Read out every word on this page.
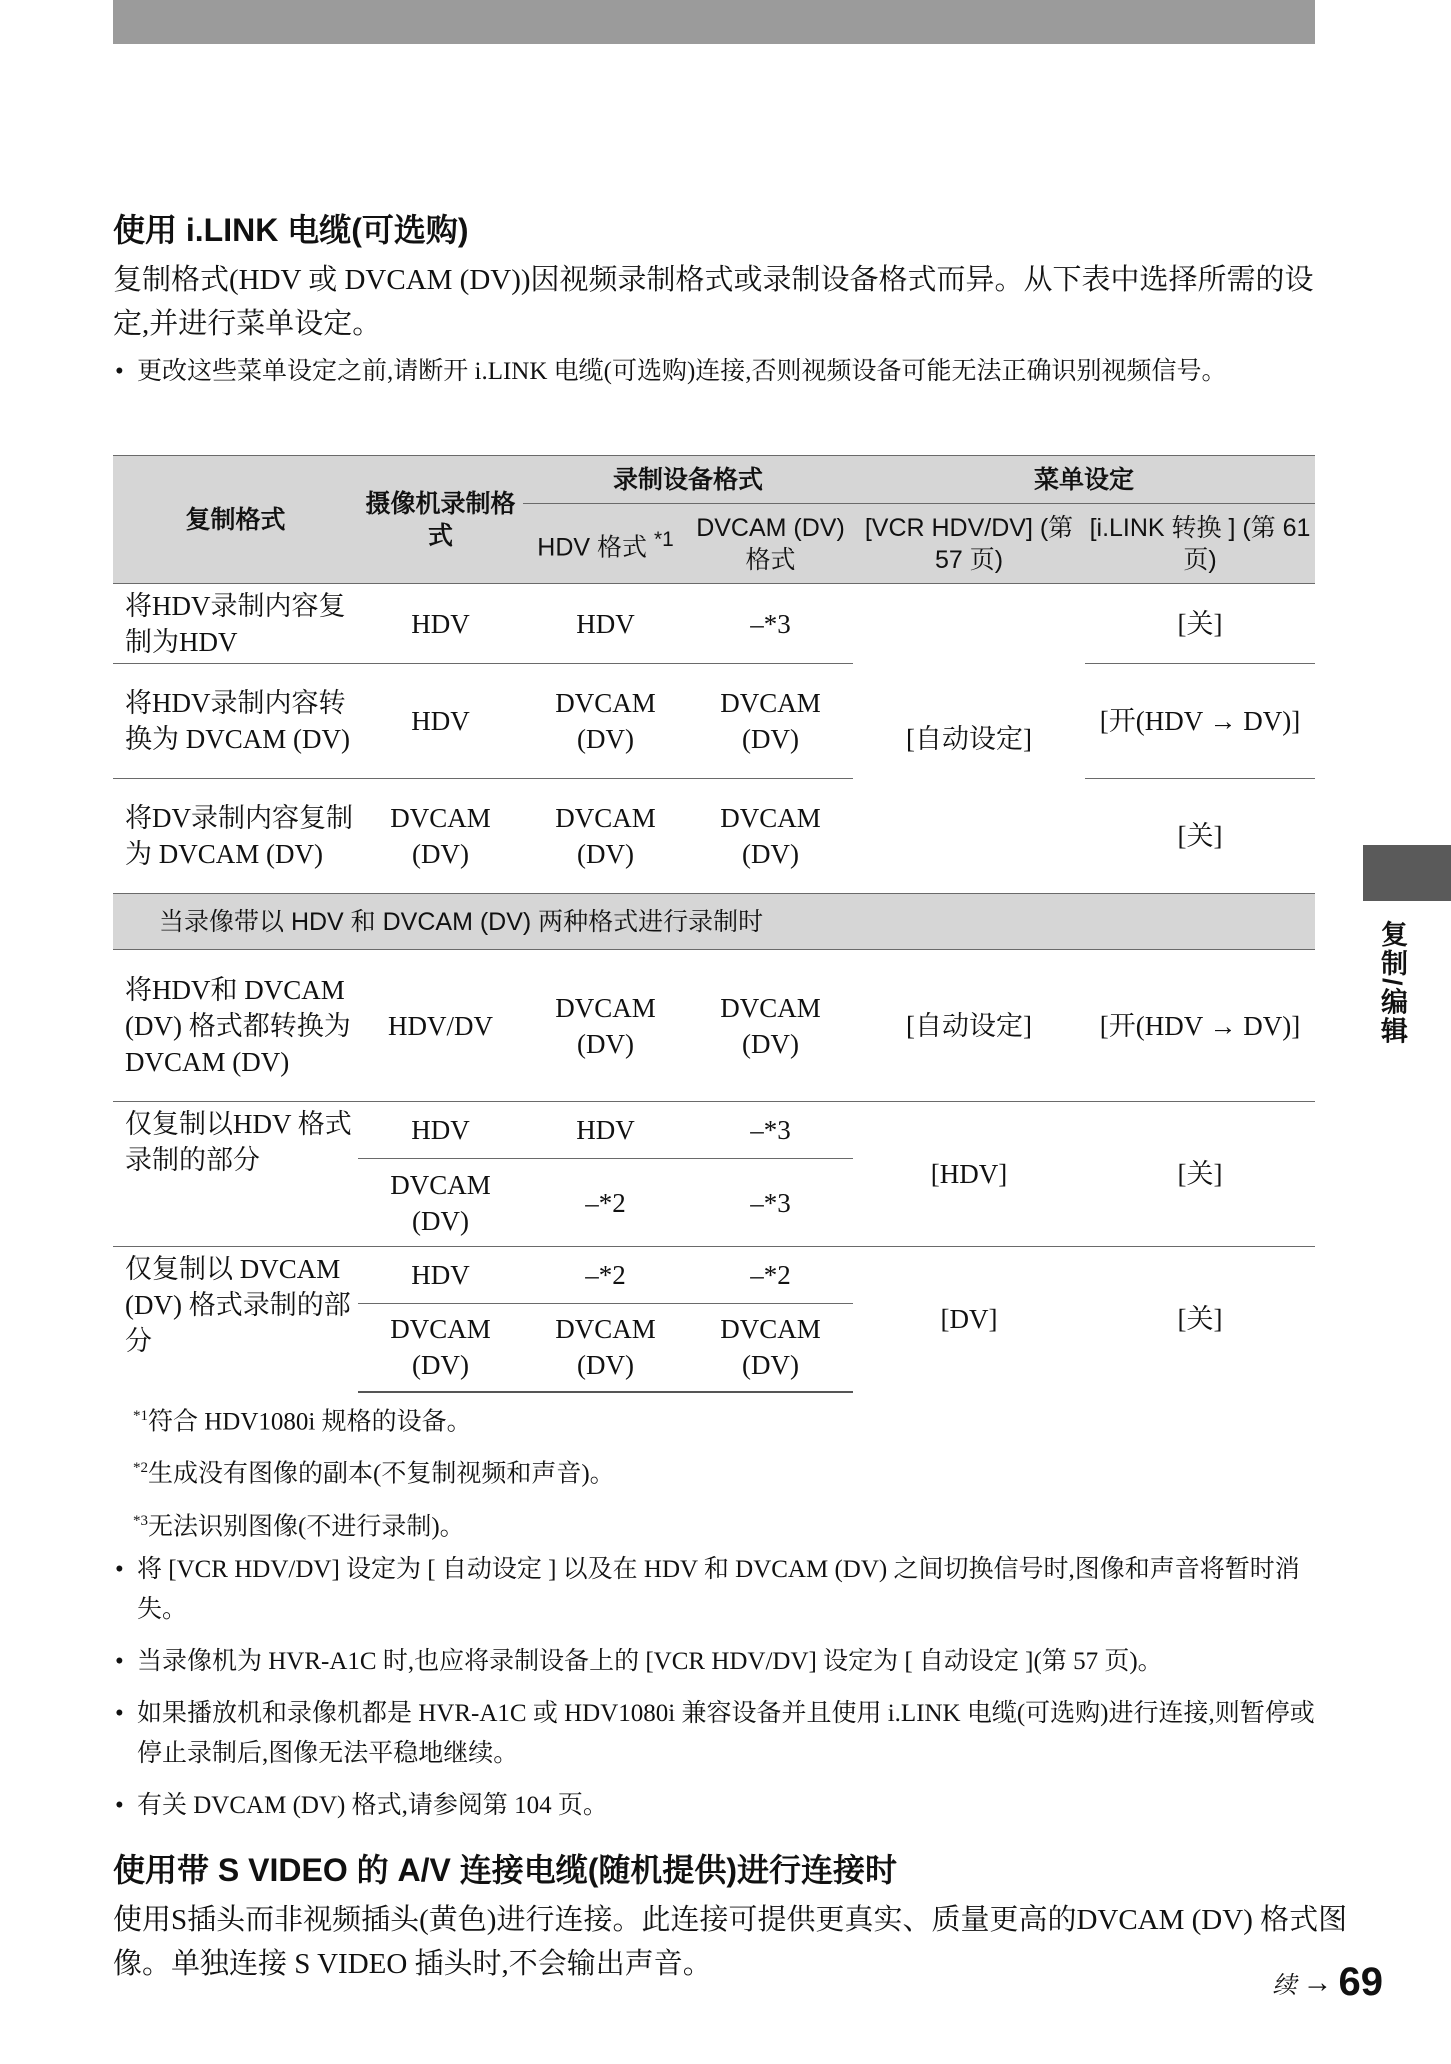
使用 i.LINK 电缆(可选购)

复制格式(HDV 或 DVCAM (DV))因视频录制格式或录制设备格式而异。从下表中选择所需的设定,并进行菜单设定。

• 更改这些菜单设定之前,请断开 i.LINK 电缆(可选购)连接,否则视频设备可能无法正确识别视频信号。
复制格式	摄像机录制格式	录制设备格式		菜单设定	
		HDV 格式 $^{*1}$	DVCAM (DV) 格式	[VCR HDV/DV] (第 57 页)	[i.LINK 转换 ] (第 61 页)
将HDV录制内容复制为HDV	HDV	HDV	–*3	[自动设定]	[关]
将HDV录制内容转换为 DVCAM (DV)	HDV	DVCAM (DV)	DVCAM (DV)		[开(HDV → DV)]
将DV录制内容复制为 DVCAM (DV)	DVCAM (DV)	DVCAM (DV)	DVCAM (DV)		[关]
当录像带以 HDV 和 DVCAM (DV) 两种格式进行录制时					
将HDV和 DVCAM (DV) 格式都转换为 DVCAM (DV)	HDV/DV	DVCAM (DV)	DVCAM (DV)	[自动设定]	[开(HDV → DV)]
仅复制以HDV 格式录制的部分	HDV	HDV	–*3	[HDV]	[关]
	DVCAM (DV)	–*2	–*3		
仅复制以 DVCAM (DV) 格式录制的部分	HDV	–*2	–*2	[DV]	[关]
	DVCAM (DV)	DVCAM (DV)	DVCAM (DV)		
$^{*1}$符合 HDV1080i 规格的设备。
$^{*2}$生成没有图像的副本(不复制视频和声音)。
$^{*3}$无法识别图像(不进行录制)。
• 将 [VCR HDV/DV] 设定为 [ 自动设定 ] 以及在 HDV 和 DVCAM (DV) 之间切换信号时,图像和声音将暂时消失。
• 当录像机为 HVR-A1C 时,也应将录制设备上的 [VCR HDV/DV] 设定为 [ 自动设定 ](第 57 页)。
• 如果播放机和录像机都是 HVR-A1C 或 HDV1080i 兼容设备并且使用 i.LINK 电缆(可选购)进行连接,则暂停或停止录制后,图像无法平稳地继续。
• 有关 DVCAM (DV) 格式,请参阅第 104 页。
使用带 S VIDEO 的 A/V 连接电缆(随机提供)进行连接时

使用S插头而非视频插头(黄色)进行连接。此连接可提供更真实、质量更高的DVCAM (DV) 格式图像。单独连接 S VIDEO 插头时,不会输出声音。

复制/编辑
续 → 69
